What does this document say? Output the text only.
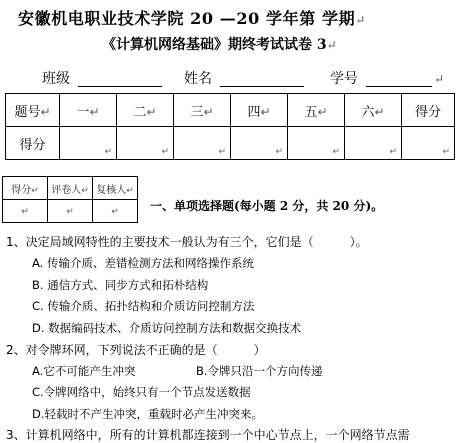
安徽机电职业技术学院 20 —20 学年第 学期↵
《计算机网络基础》期终考试试卷 3↵
班级	姓名	学号	↵
题号↵	一↵	二↵	三↵	四↵	五↵	六↵	得分
得分	↵	↵	↵	↵	↵	↵	↵
得分↵	评卷人↵	复核人↵
↵	↵	↵	一、单项选择题(每小题 2 分，共 20 分)。
1、决定局域网特性的主要技术一般认为有三个，它们是（　　　）。
A. 传输介质、差错检测方法和网络操作系统
B. 通信方式、同步方式和拓朴结构
C. 传输介质、拓扑结构和介质访问控制方法
D. 数据编码技术、介质访问控制方法和数据交换技术
2、对令牌环网，下列说法不正确的是（　　　）
A.它不可能产生冲突	B.令牌只沿一个方向传递
C.令牌网络中，始终只有一个节点发送数据
D.轻载时不产生冲突，重载时必产生冲突来。
3、计算机网络中，所有的计算机都连接到一个中心节点上，一个网络节点需
